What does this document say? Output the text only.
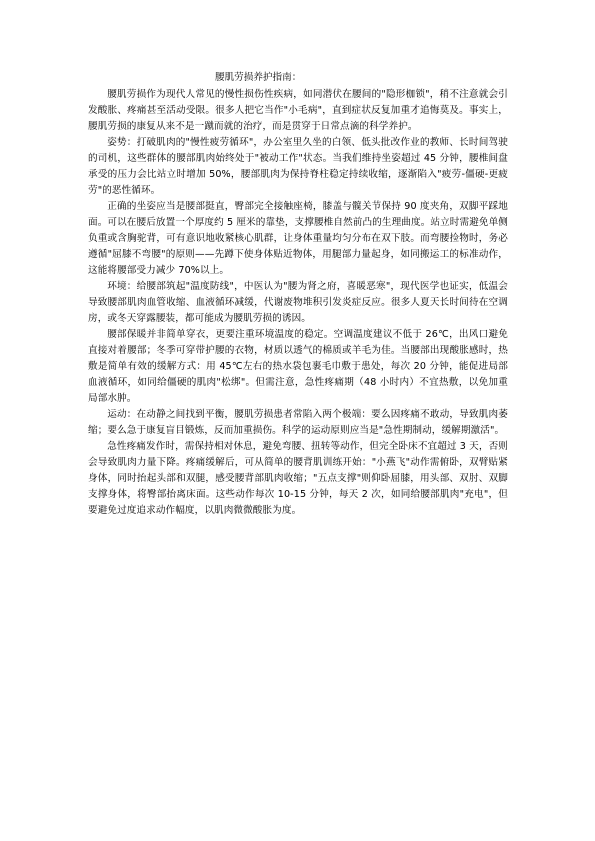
腰肌劳损养护指南：

腰肌劳损作为现代人常见的慢性损伤性疾病，如同潜伏在腰间的"隐形枷锁"，稍不注意就会引发酸胀、疼痛甚至活动受限。很多人把它当作"小毛病"，直到症状反复加重才追悔莫及。事实上，腰肌劳损的康复从来不是一蹴而就的治疗，而是贯穿于日常点滴的科学养护。

姿势：打破肌肉的"慢性疲劳循环"，办公室里久坐的白领、低头批改作业的教师、长时间驾驶的司机，这些群体的腰部肌肉始终处于"被动工作"状态。当我们维持坐姿超过 45 分钟，腰椎间盘承受的压力会比站立时增加 50%，腰部肌肉为保持脊柱稳定持续收缩，逐渐陷入"疲劳-僵硬-更疲劳"的恶性循环。

正确的坐姿应当是腰部挺直，臀部完全接触座椅，膝盖与髋关节保持 90 度夹角，双脚平踩地面。可以在腰后放置一个厚度约 5 厘米的靠垫，支撑腰椎自然前凸的生理曲度。站立时需避免单侧负重或含胸驼背，可有意识地收紧核心肌群，让身体重量均匀分布在双下肢。而弯腰捡物时，务必遵循"屈膝不弯腰"的原则——先蹲下使身体贴近物体，用腿部力量起身，如同搬运工的标准动作，这能将腰部受力减少 70%以上。

环境：给腰部筑起"温度防线"，中医认为"腰为肾之府，喜暖恶寒"，现代医学也证实，低温会导致腰部肌肉血管收缩、血液循环减缓，代谢废物堆积引发炎症反应。很多人夏天长时间待在空调房，或冬天穿露腰装，都可能成为腰肌劳损的诱因。

腰部保暖并非简单穿衣，更要注重环境温度的稳定。空调温度建议不低于 26℃，出风口避免直接对着腰部；冬季可穿带护腰的衣物，材质以透气的棉质或羊毛为佳。当腰部出现酸胀感时，热敷是简单有效的缓解方式：用 45℃左右的热水袋包裹毛巾敷于患处，每次 20 分钟，能促进局部血液循环，如同给僵硬的肌肉"松绑"。但需注意，急性疼痛期（48 小时内）不宜热敷，以免加重局部水肿。

运动：在动静之间找到平衡，腰肌劳损患者常陷入两个极端：要么因疼痛不敢动，导致肌肉萎缩；要么急于康复盲目锻炼，反而加重损伤。科学的运动原则应当是"急性期制动，缓解期激活"。

急性疼痛发作时，需保持相对休息，避免弯腰、扭转等动作，但完全卧床不宜超过 3 天，否则会导致肌肉力量下降。疼痛缓解后，可从简单的腰背肌训练开始："小燕飞"动作需俯卧，双臂贴紧身体，同时抬起头部和双腿，感受腰背部肌肉收缩；"五点支撑"则仰卧屈膝，用头部、双肘、双脚支撑身体，将臀部抬离床面。这些动作每次 10-15 分钟，每天 2 次，如同给腰部肌肉"充电"，但要避免过度追求动作幅度，以肌肉微微酸胀为度。
